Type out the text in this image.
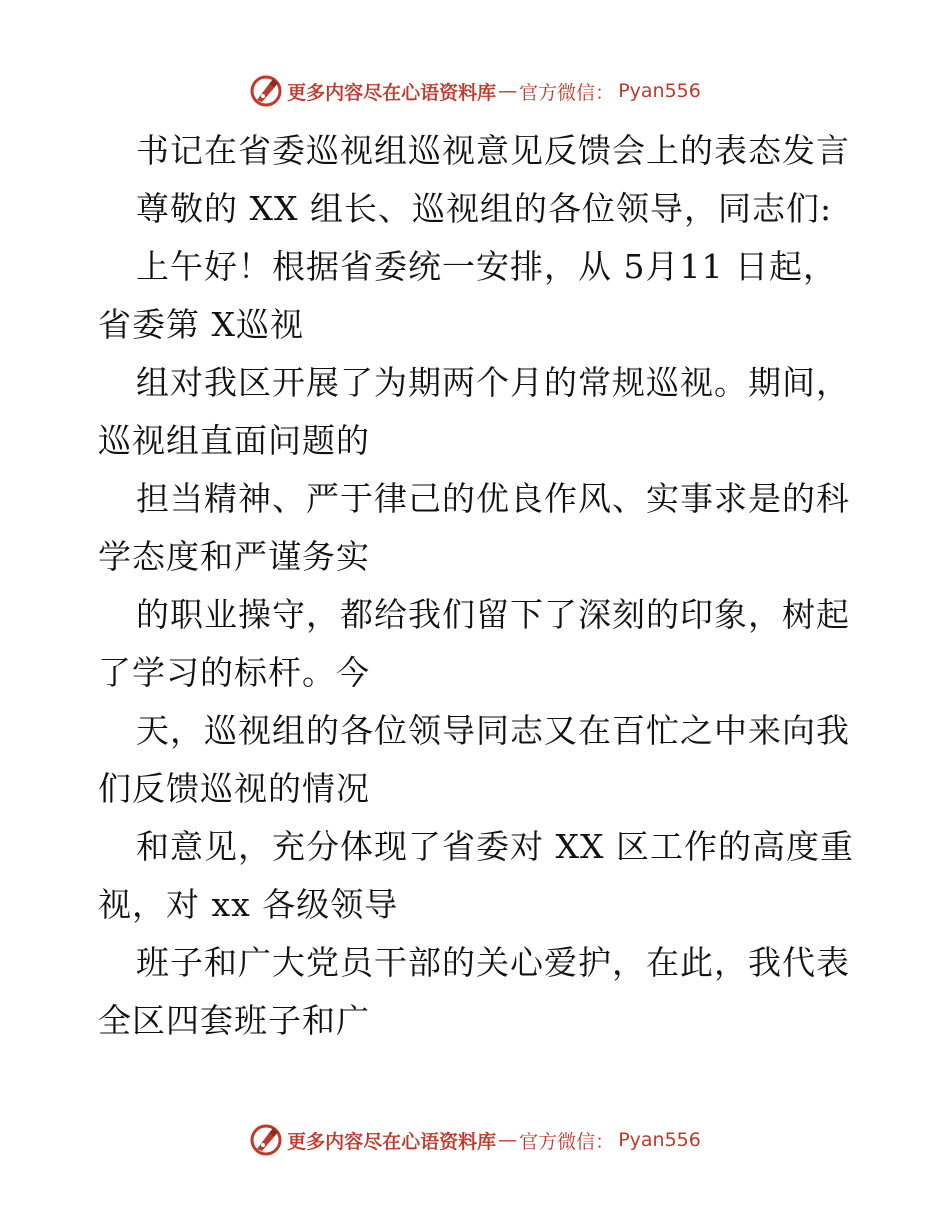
更多内容尽在心语资料库 — 官方微信： Pyan556
书记在省委巡视组巡视意见反馈会上的表态发言
尊敬的 XX 组长、巡视组的各位领导，同志们:
上午好！根据省委统一安排，从 5月11 日起，
省委第 X巡视
组对我区开展了为期两个月的常规巡视。期间，
巡视组直面问题的
担当精神、严于律己的优良作风、实事求是的科
学态度和严谨务实
的职业操守，都给我们留下了深刻的印象，树起
了学习的标杆。今
天，巡视组的各位领导同志又在百忙之中来向我
们反馈巡视的情况
和意见，充分体现了省委对 XX 区工作的高度重
视，对 xx 各级领导
班子和广大党员干部的关心爱护，在此，我代表
全区四套班子和广
更多内容尽在心语资料库 — 官方微信： Pyan556
